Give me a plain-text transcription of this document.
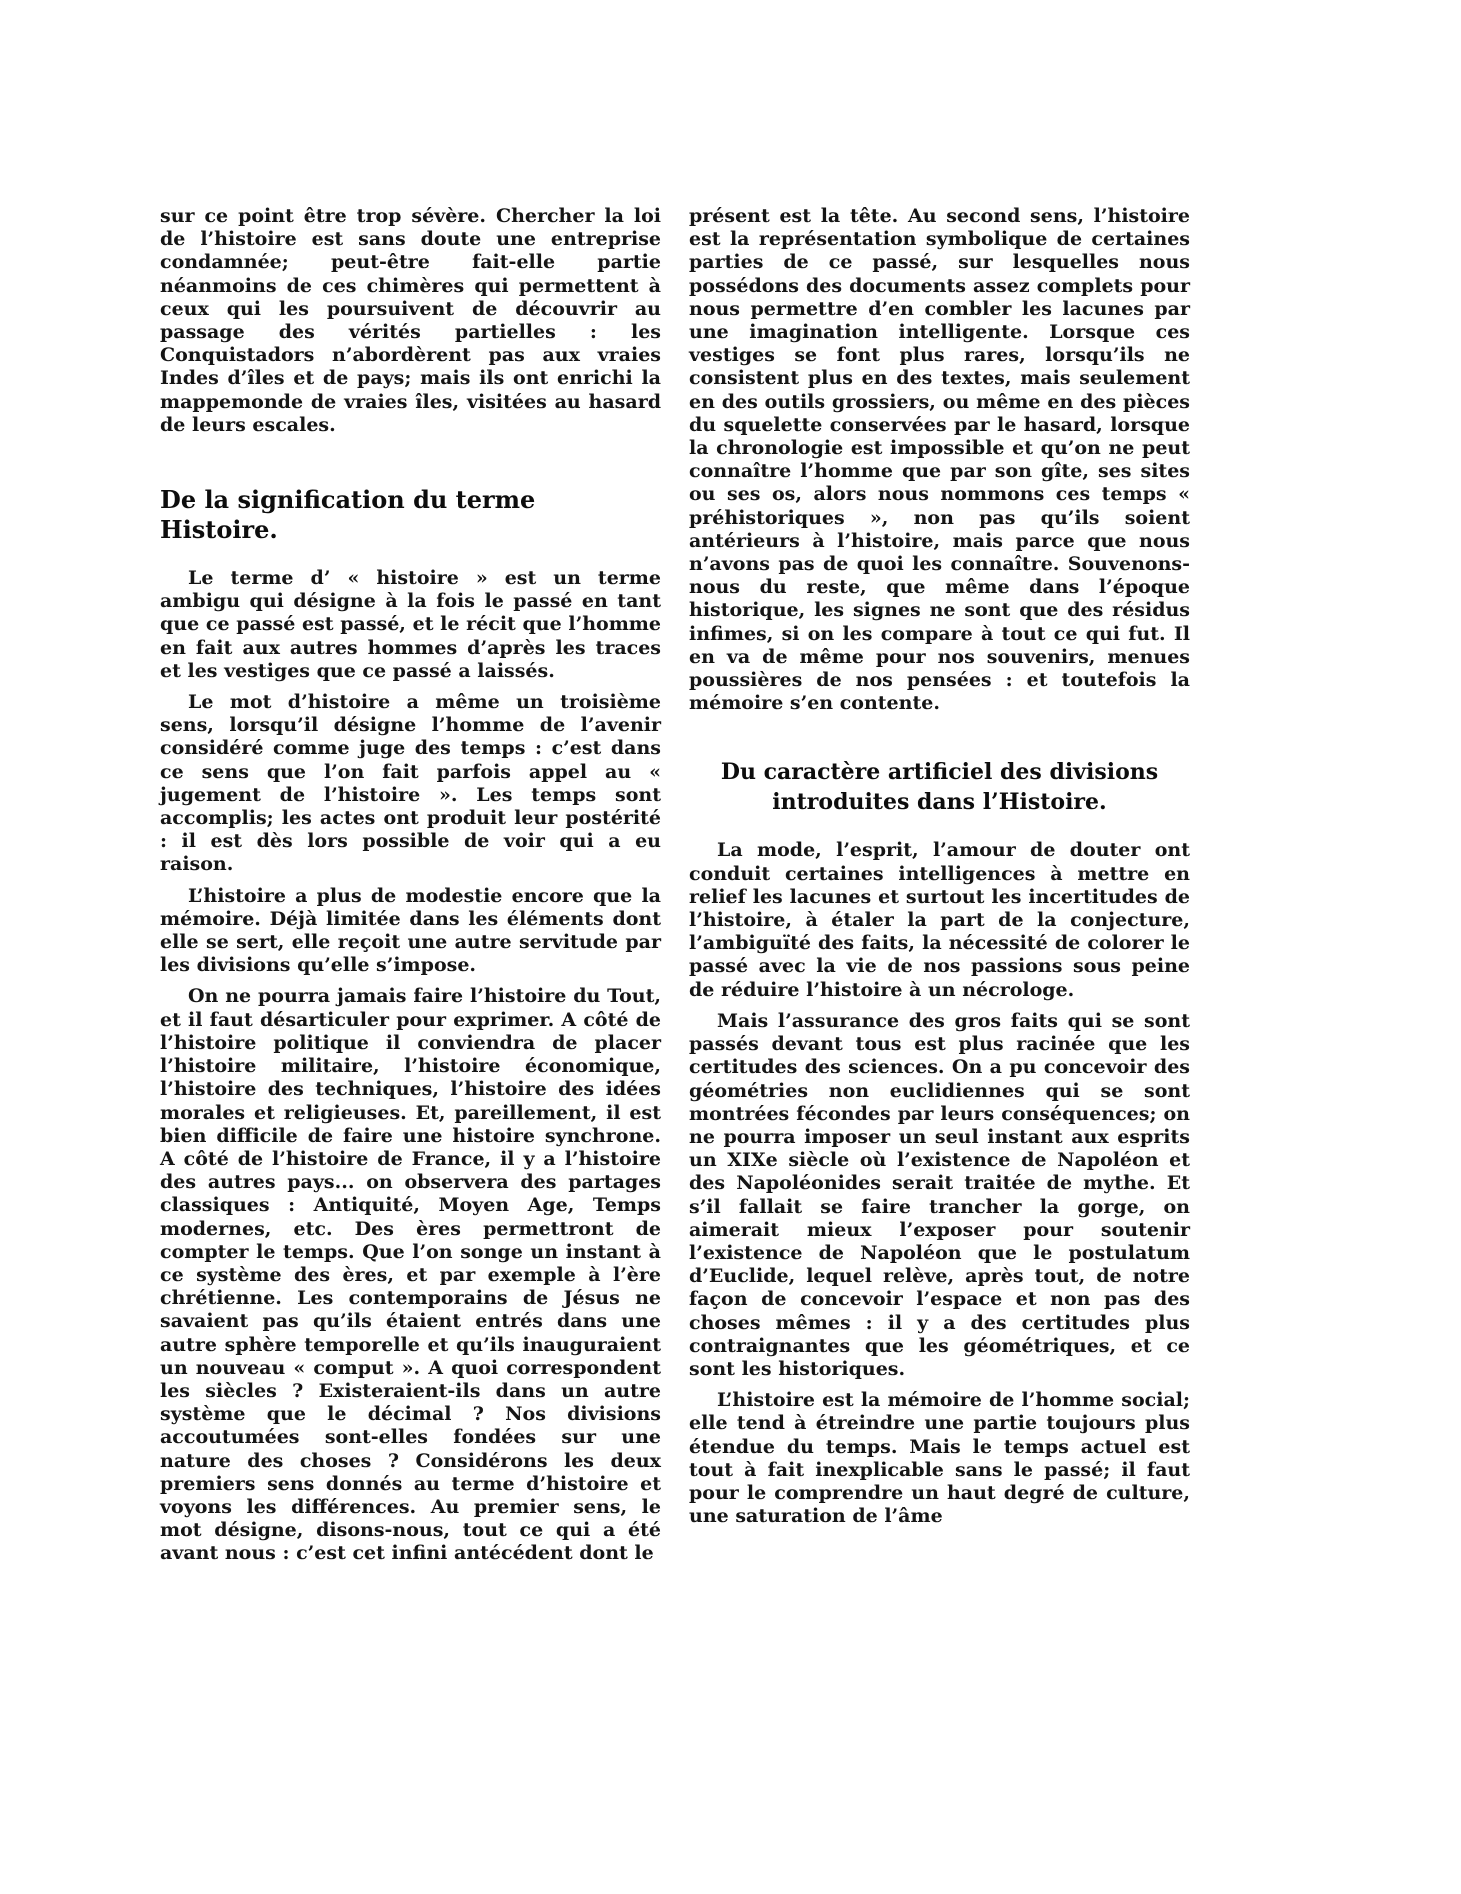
sur ce point être trop sévère. Chercher la loi de l’histoire est sans doute une entreprise condamnée; peut-être fait-elle partie néanmoins de ces chimères qui permettent à ceux qui les poursuivent de découvrir au passage des vérités partielles : les Conquistadors n’abordèrent pas aux vraies Indes d’îles et de pays; mais ils ont enrichi la mappemonde de vraies îles, visitées au hasard de leurs escales.

De la signification du terme Histoire.

Le terme d’ « histoire » est un terme ambigu qui désigne à la fois le passé en tant que ce passé est passé, et le récit que l’homme en fait aux autres hommes d’après les traces et les vestiges que ce passé a laissés.

Le mot d’histoire a même un troisième sens, lorsqu’il désigne l’homme de l’avenir considéré comme juge des temps : c’est dans ce sens que l’on fait parfois appel au « jugement de l’histoire ». Les temps sont accomplis; les actes ont produit leur postérité : il est dès lors possible de voir qui a eu raison.

L’histoire a plus de modestie encore que la mémoire. Déjà limitée dans les éléments dont elle se sert, elle reçoit une autre servitude par les divisions qu’elle s’impose.

On ne pourra jamais faire l’histoire du Tout, et il faut désarticuler pour exprimer. A côté de l’histoire politique il conviendra de placer l’histoire militaire, l’histoire économique, l’histoire des techniques, l’histoire des idées morales et religieuses. Et, pareillement, il est bien difficile de faire une histoire synchrone. A côté de l’histoire de France, il y a l’histoire des autres pays... on observera des partages classiques : Antiquité, Moyen Age, Temps modernes, etc. Des ères permettront de compter le temps. Que l’on songe un instant à ce système des ères, et par exemple à l’ère chrétienne. Les contemporains de Jésus ne savaient pas qu’ils étaient entrés dans une autre sphère temporelle et qu’ils inauguraient un nouveau « comput ». A quoi correspondent les siècles ? Existeraient-ils dans un autre système que le décimal ? Nos divisions accoutumées sont-elles fondées sur une nature des choses ? Considérons les deux premiers sens donnés au terme d’histoire et voyons les différences. Au premier sens, le mot désigne, disons-nous, tout ce qui a été avant nous : c’est cet infini antécédent dont le

présent est la tête. Au second sens, l’histoire est la représentation symbolique de certaines parties de ce passé, sur lesquelles nous possédons des documents assez complets pour nous permettre d’en combler les lacunes par une imagination intelligente. Lorsque ces vestiges se font plus rares, lorsqu’ils ne consistent plus en des textes, mais seulement en des outils grossiers, ou même en des pièces du squelette conservées par le hasard, lorsque la chronologie est impossible et qu’on ne peut connaître l’homme que par son gîte, ses sites ou ses os, alors nous nommons ces temps « préhistoriques », non pas qu’ils soient antérieurs à l’histoire, mais parce que nous n’avons pas de quoi les connaître. Souvenons-nous du reste, que même dans l’époque historique, les signes ne sont que des résidus infimes, si on les compare à tout ce qui fut. Il en va de même pour nos souvenirs, menues poussières de nos pensées : et toutefois la mémoire s’en contente.

Du caractère artificiel des divisions
introduites dans l’Histoire.

La mode, l’esprit, l’amour de douter ont conduit certaines intelligences à mettre en relief les lacunes et surtout les incertitudes de l’histoire, à étaler la part de la conjecture, l’ambiguïté des faits, la nécessité de colorer le passé avec la vie de nos passions sous peine de réduire l’histoire à un nécrologe.

Mais l’assurance des gros faits qui se sont passés devant tous est plus racinée que les certitudes des sciences. On a pu concevoir des géométries non euclidiennes qui se sont montrées fécondes par leurs conséquences; on ne pourra imposer un seul instant aux esprits un XIXe siècle où l’existence de Napoléon et des Napoléonides serait traitée de mythe. Et s’il fallait se faire trancher la gorge, on aimerait mieux l’exposer pour soutenir l’existence de Napoléon que le postulatum d’Euclide, lequel relève, après tout, de notre façon de concevoir l’espace et non pas des choses mêmes : il y a des certitudes plus contraignantes que les géométriques, et ce sont les historiques.

L’histoire est la mémoire de l’homme social; elle tend à étreindre une partie toujours plus étendue du temps. Mais le temps actuel est tout à fait inexplicable sans le passé; il faut pour le comprendre un haut degré de culture, une saturation de l’âme
